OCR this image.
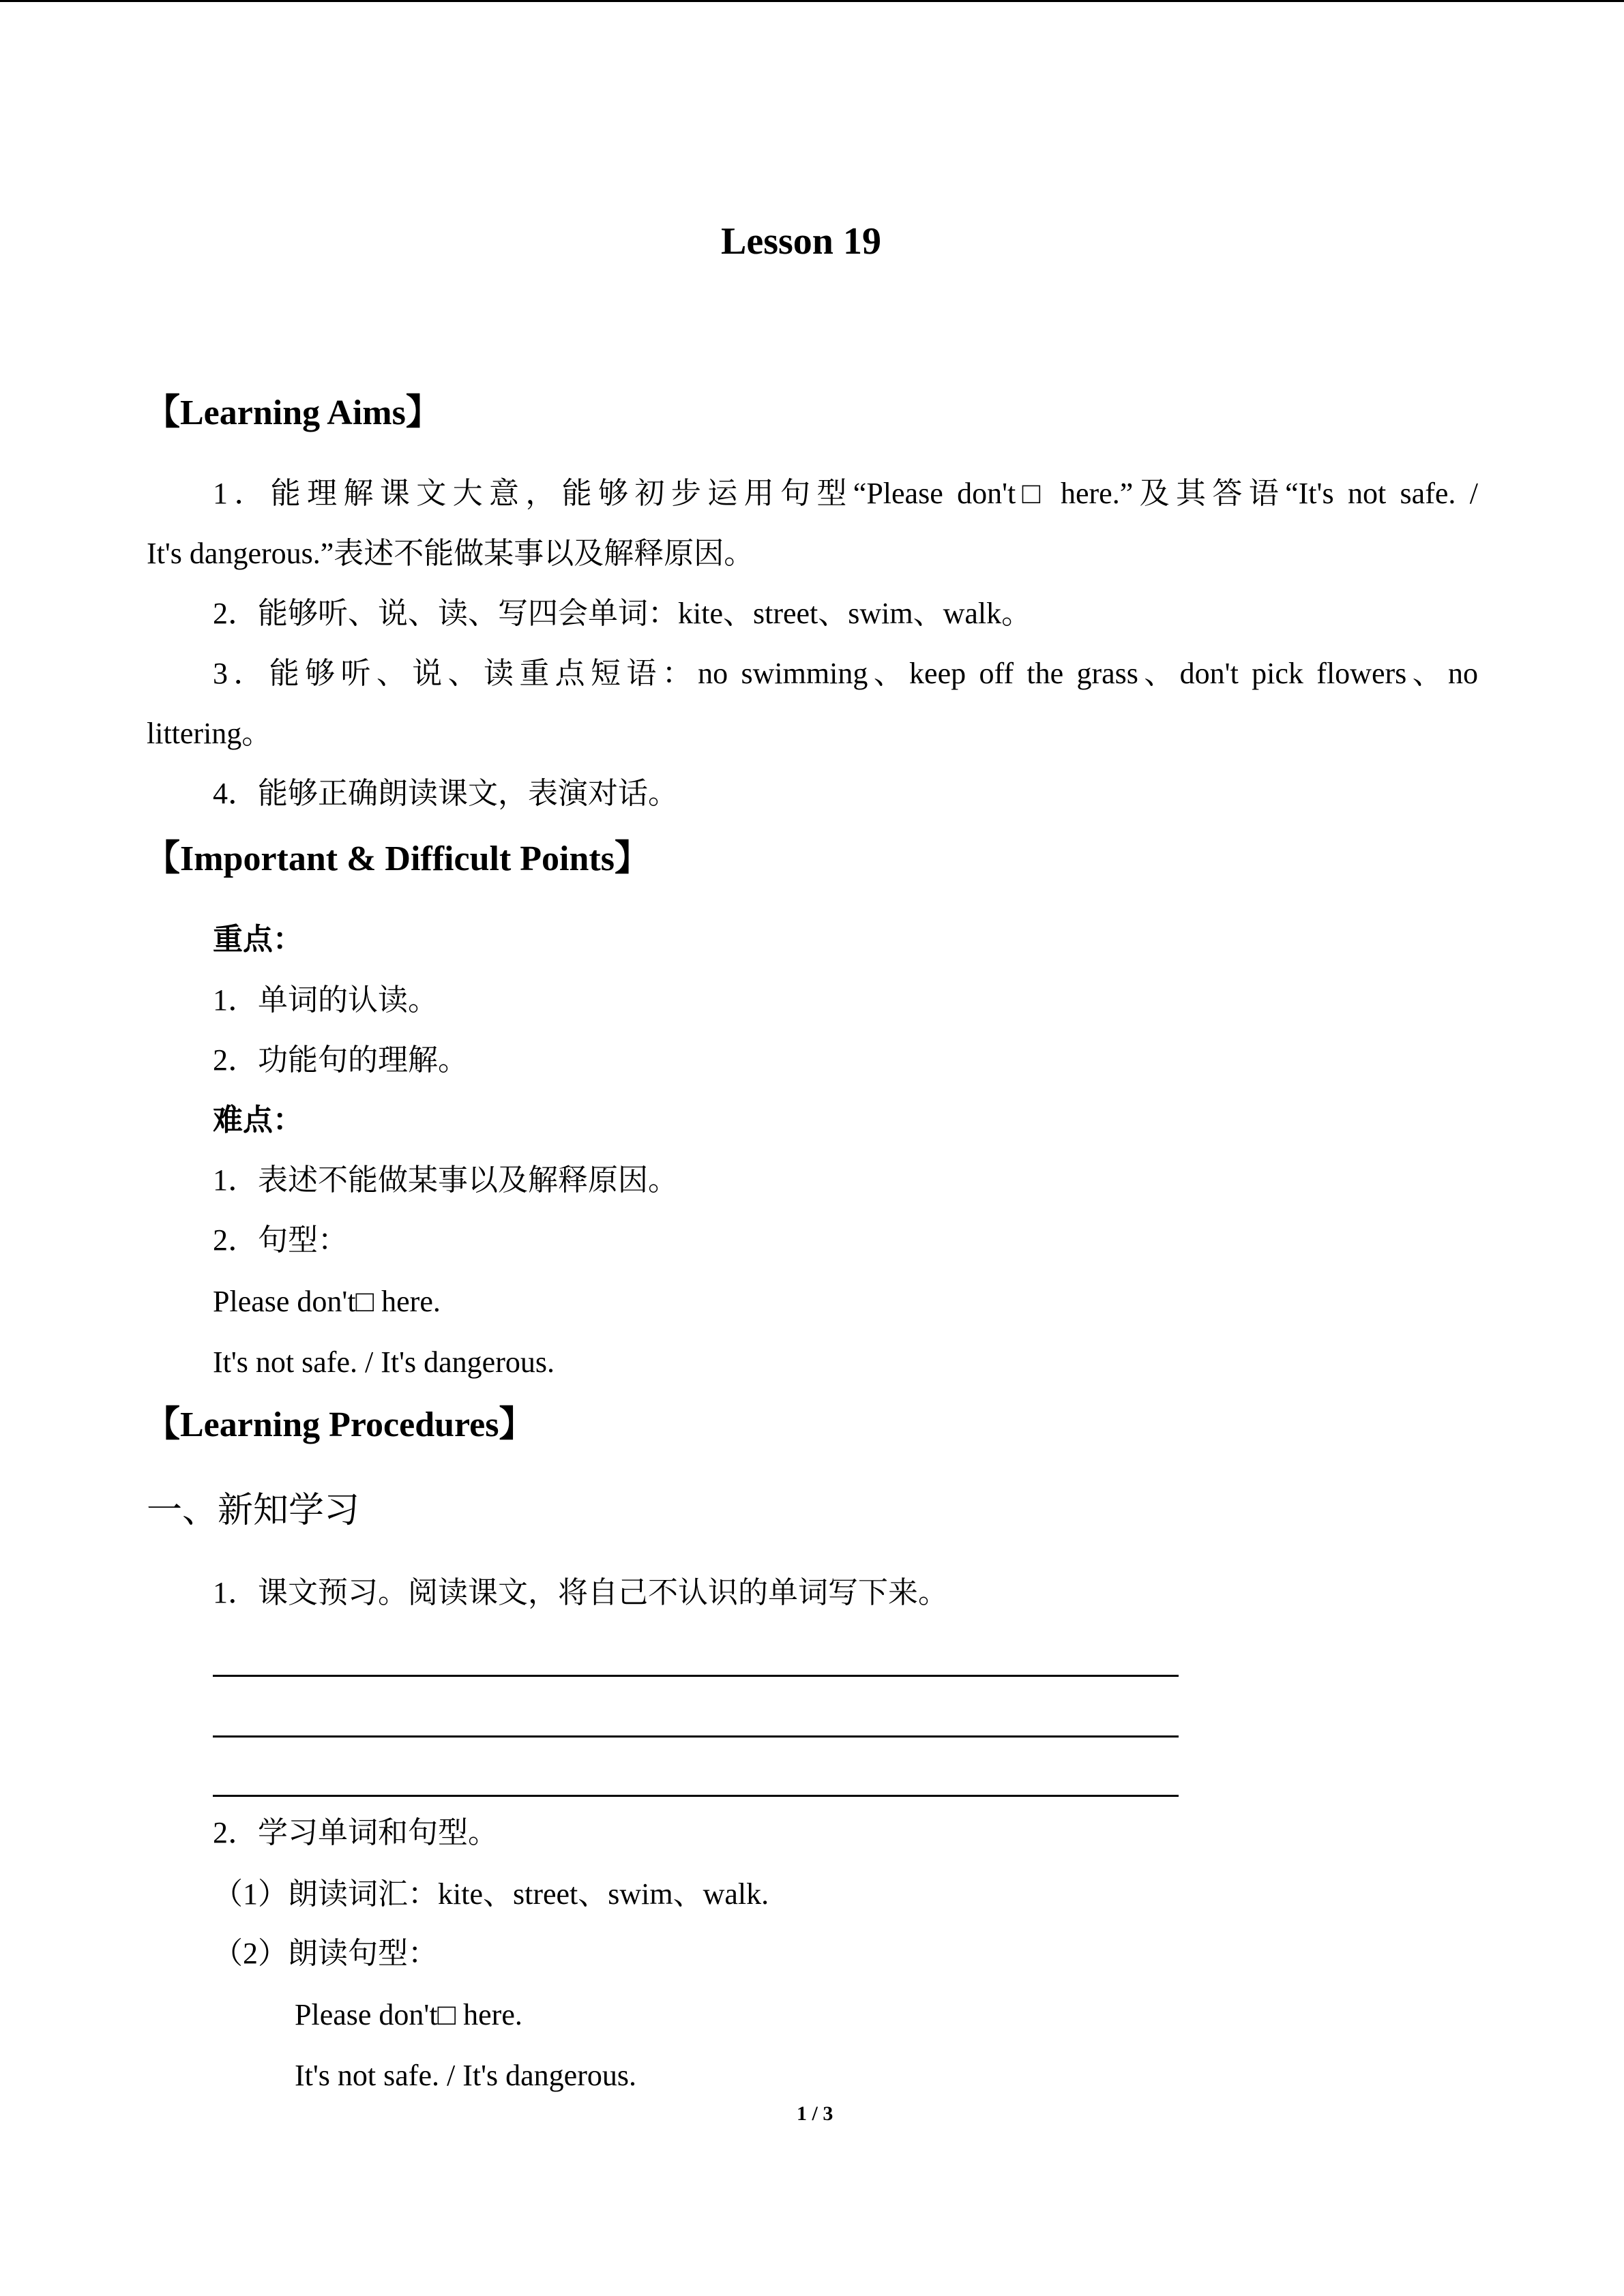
Lesson 19
【Learning Aims】
1．能理解课文大意，能够初步运用句型“Please don't□ here.”及其答语“It's not safe. /
It's dangerous.”表述不能做某事以及解释原因。
2．能够听、说、读、写四会单词：kite、street、swim、walk。
3．能够听、说、读重点短语：no swimming、keep off the grass、don't pick flowers、no
littering。
4．能够正确朗读课文，表演对话。
【Important & Difficult Points】
重点：
1．单词的认读。
2．功能句的理解。
难点：
1．表述不能做某事以及解释原因。
2．句型：
Please don't□ here.
It's not safe. / It's dangerous.
【Learning Procedures】
一、新知学习
1．课文预习。阅读课文，将自己不认识的单词写下来。
2．学习单词和句型。
（1）朗读词汇：kite、street、swim、walk.
（2）朗读句型：
Please don't□ here.
It's not safe. / It's dangerous.
1 / 3
